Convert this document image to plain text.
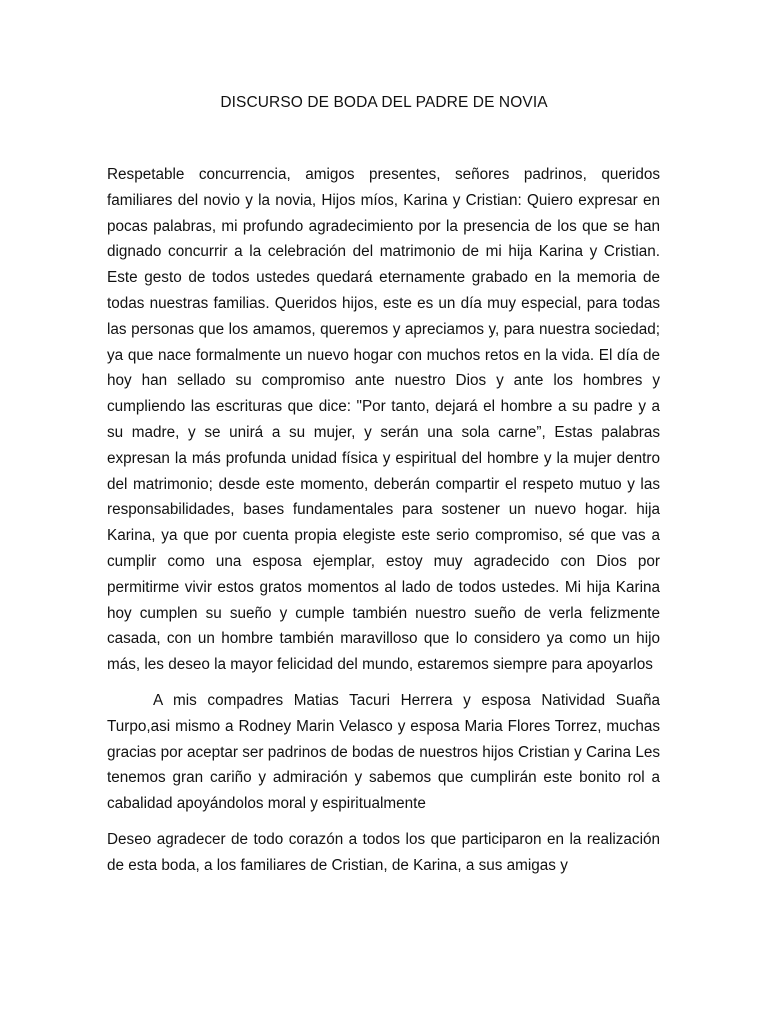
DISCURSO DE BODA DEL PADRE DE NOVIA

Respetable concurrencia, amigos presentes, señores padrinos, queridos familiares del novio y la novia, Hijos míos, Karina y Cristian: Quiero expresar en pocas palabras, mi profundo agradecimiento por la presencia de los que se han dignado concurrir a la celebración del matrimonio de mi hija Karina y Cristian. Este gesto de todos ustedes quedará eternamente grabado en la memoria de todas nuestras familias. Queridos hijos, este es un día muy especial, para todas las personas que los amamos, queremos y apreciamos y, para nuestra sociedad; ya que nace formalmente un nuevo hogar con muchos retos en la vida. El día de hoy han sellado su compromiso ante nuestro Dios y ante los hombres y cumpliendo las escrituras que dice: "Por tanto, dejará el hombre a su padre y a su madre, y se unirá a su mujer, y serán una sola carne”, Estas palabras expresan la más profunda unidad física y espiritual del hombre y la mujer dentro del matrimonio; desde este momento, deberán compartir el respeto mutuo y las responsabilidades, bases fundamentales para sostener un nuevo hogar. hija Karina, ya que por cuenta propia elegiste este serio compromiso, sé que vas a cumplir como una esposa ejemplar, estoy muy agradecido con Dios por permitirme vivir estos gratos momentos al lado de todos ustedes. Mi hija Karina hoy cumplen su sueño y cumple también nuestro sueño de verla felizmente casada, con un hombre también maravilloso que lo considero ya como un hijo más, les deseo la mayor felicidad del mundo, estaremos siempre para apoyarlos

A mis compadres Matias Tacuri Herrera y esposa Natividad Suaña Turpo,asi mismo a Rodney Marin Velasco y esposa Maria Flores Torrez, muchas gracias por aceptar ser padrinos de bodas de nuestros hijos Cristian y Carina Les tenemos gran cariño y admiración y sabemos que cumplirán este bonito rol a cabalidad apoyándolos moral y espiritualmente

Deseo agradecer de todo corazón a todos los que participaron en la realización de esta boda, a los familiares de Cristian, de Karina, a sus amigas y
